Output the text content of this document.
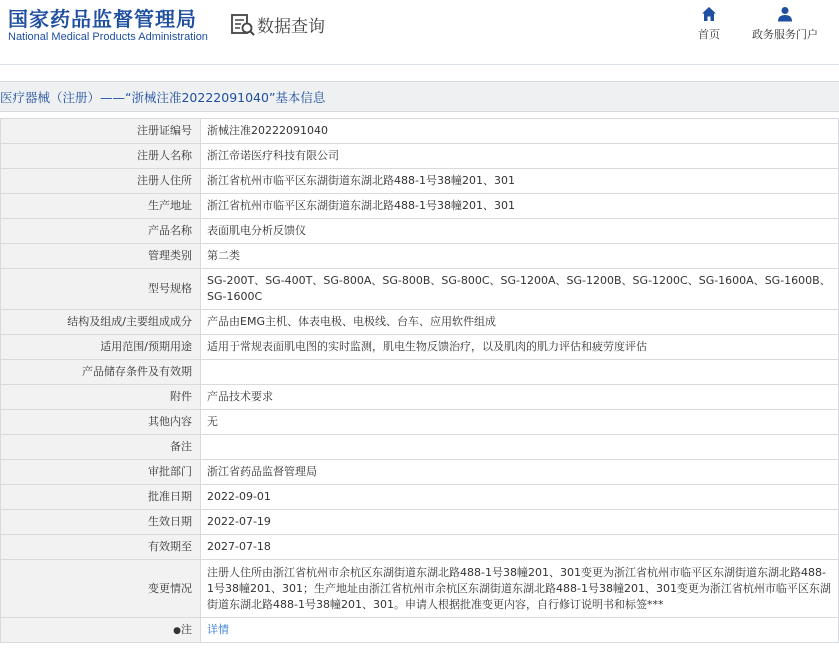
国家药品监督管理局
National Medical Products Administration	数据查询	首页	政务服务门户
医疗器械（注册）——“浙械注准20222091040”基本信息
注册证编号	浙械注准20222091040
注册人名称	浙江帝诺医疗科技有限公司
注册人住所	浙江省杭州市临平区东湖街道东湖北路488-1号38幢201、301
生产地址	浙江省杭州市临平区东湖街道东湖北路488-1号38幢201、301
产品名称	表面肌电分析反馈仪
管理类别	第二类
型号规格	SG-200T、SG-400T、SG-800A、SG-800B、SG-800C、SG-1200A、SG-1200B、SG-1200C、SG-1600A、SG-1600B、SG-1600C
结构及组成/主要组成成分	产品由EMG主机、体表电极、电极线、台车、应用软件组成
适用范围/预期用途	适用于常规表面肌电图的实时监测，肌电生物反馈治疗，以及肌肉的肌力评估和疲劳度评估
产品储存条件及有效期	
附件	产品技术要求
其他内容	无
备注	
审批部门	浙江省药品监督管理局
批准日期	2022-09-01
生效日期	2022-07-19
有效期至	2027-07-18
变更情况	注册人住所由浙江省杭州市余杭区东湖街道东湖北路488-1号38幢201、301变更为浙江省杭州市临平区东湖街道东湖北路488-1号38幢201、301；生产地址由浙江省杭州市余杭区东湖街道东湖北路488-1号38幢201、301变更为浙江省杭州市临平区东湖街道东湖北路488-1号38幢201、301。申请人根据批准变更内容，自行修订说明书和标签***
●注	详情
